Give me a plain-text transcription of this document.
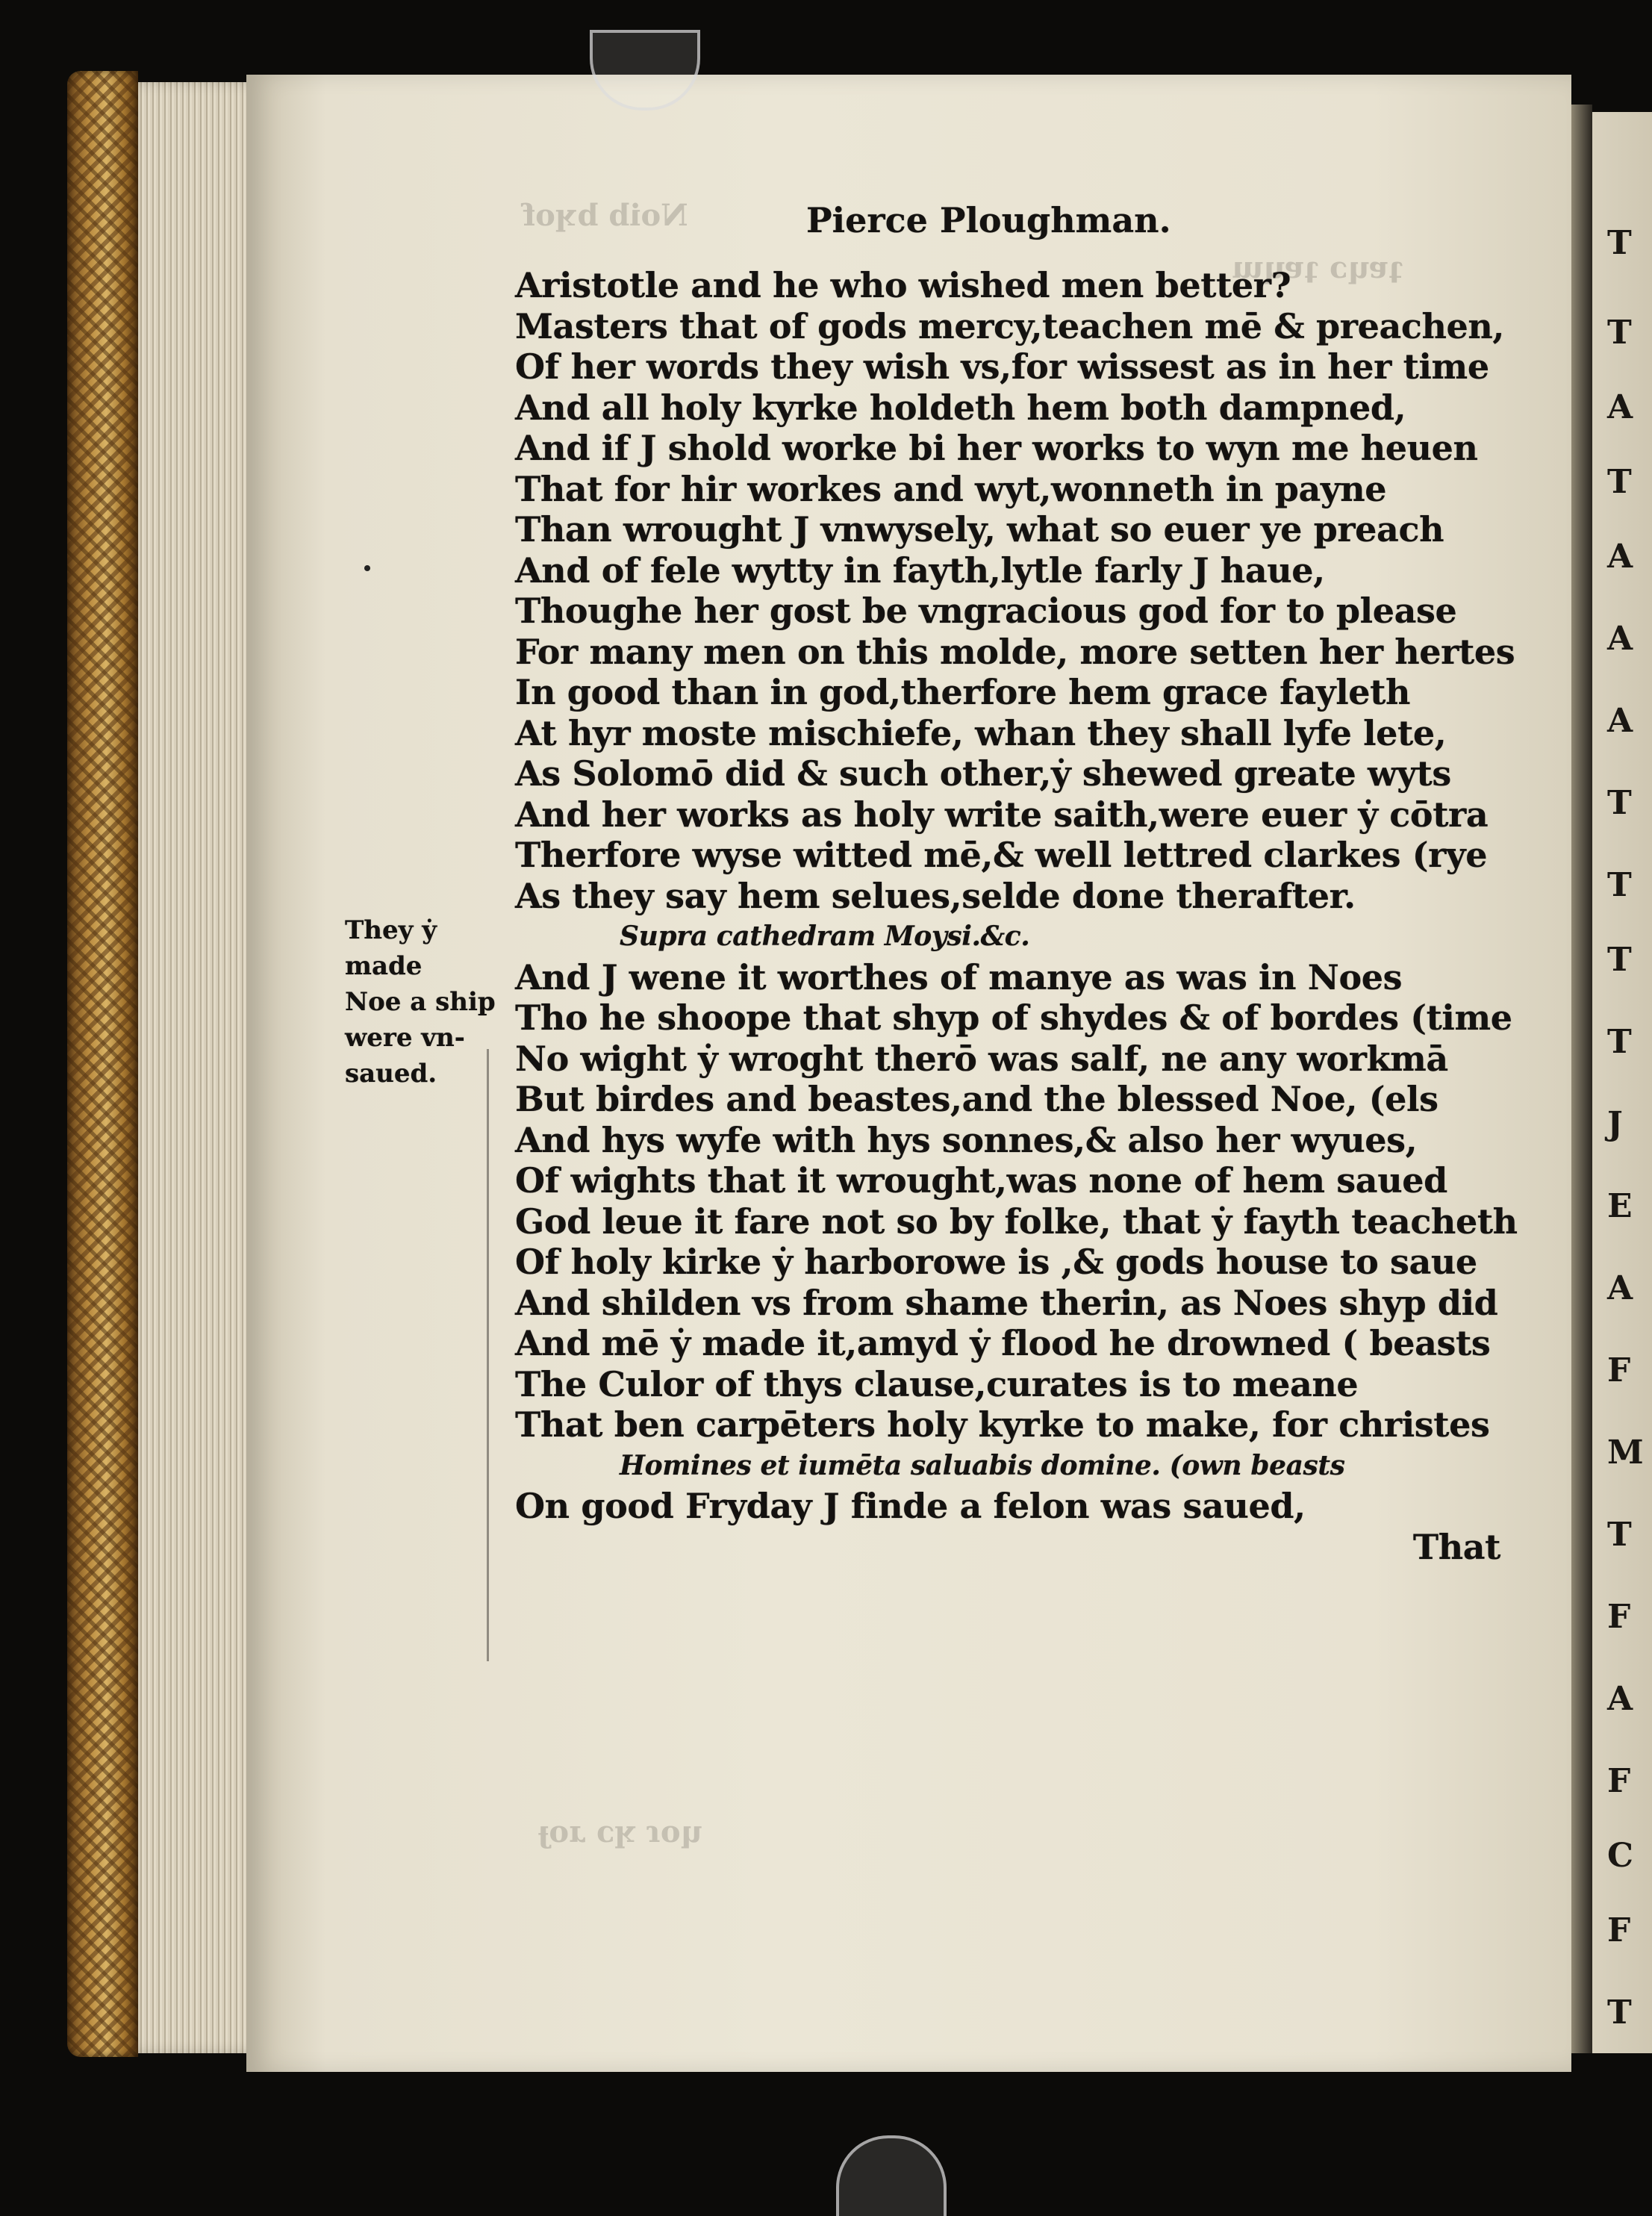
Noib bʞof
ʇɐɥɔ ʇɐɥɯ
ɥoɾ ʞɔ ɹoɟ
T
T
A
T
A
A
A
T
T
T
T
J
E
A
F
M
T
F
A
F
C
F
T
Pierce Ploughman.
They ẏ
made
Noe a ship
were vn-
saued.
Aristotle and he who wished men better?
Masters that of gods mercy,teachen mē & preachen,
Of her words they wish vs,for wissest as in her time
And all holy kyrke holdeth hem both dampned,
And if J shold worke bi her works to wyn me heuen
That for hir workes and wyt,wonneth in payne
Than wrought J vnwysely, what so euer ye preach
And of fele wytty in fayth,lytle farly J haue,
Thoughe her gost be vngracious god for to please
For many men on this molde, more setten her hertes
In good than in god,therfore hem grace fayleth
At hyr moste mischiefe, whan they shall lyfe lete,
As Solomō did & such other,ẏ shewed greate wyts
And her works as holy write saith,were euer ẏ cōtra
Therfore wyse witted mē,& well lettred clarkes (rye
As they say hem selues,selde done therafter.
Supra cathedram Moysi.&c.
And J wene it worthes of manye as was in Noes
Tho he shoope that shyp of shydes & of bordes (time
No wight ẏ wroght therō was salf, ne any workmā
But birdes and beastes,and the blessed Noe, (els
And hys wyfe with hys sonnes,& also her wyues,
Of wights that it wrought,was none of hem saued
God leue it fare not so by folke, that ẏ fayth teacheth
Of holy kirke ẏ harborowe is ,& gods house to saue
And shilden vs from shame therin, as Noes shyp did
And mē ẏ made it,amyd ẏ flood he drowned ( beasts
The Culor of thys clause,curates is to meane
That ben carpēters holy kyrke to make, for christes
Homines et iumēta saluabis domine. (own beasts
On good Fryday J finde a felon was saued,
That
